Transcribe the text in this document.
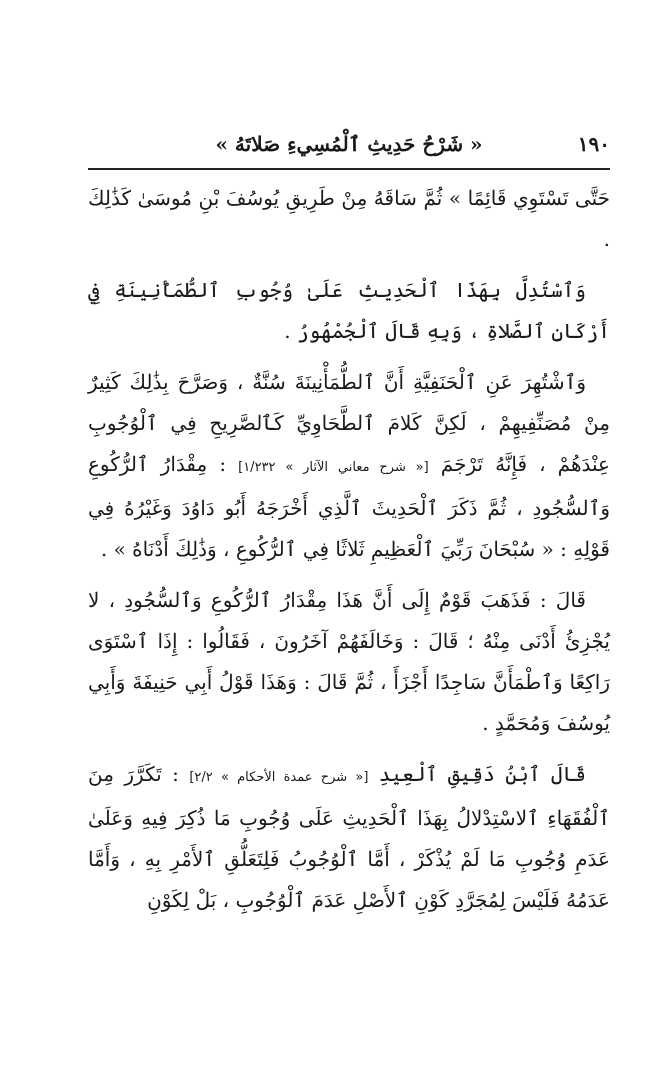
١٩٠
« شَرْحُ حَدِيثِ ٱلْمُسِيءِ صَلاتَهُ »

حَتَّى تَسْتَوِي قَائِمًا » ثُمَّ سَاقَهُ مِنْ طَرِيقِ يُوسُفَ بْنِ مُوسَىٰ كَذَٰلِكَ .

وَٱسْتُدِلَّ بِهَذَا ٱلْحَدِيثِ عَلَىٰ وُجُوبِ ٱلطُّمَأْنِينَةِ فِي أَرْكَانِ ٱلصَّلاةِ ، وَبِهِ قَالَ ٱلْجُمْهُورُ .

وَٱشْتُهِرَ عَنِ ٱلْحَنَفِيَّةِ أَنَّ ٱلطُّمَأْنِينَةَ سُنَّةٌ ، وَصَرَّحَ بِذَٰلِكَ كَثِيرٌ مِنْ مُصَنِّفِيهِمْ ، لَكِنَّ كَلامَ ٱلطَّحَاوِيِّ كَٱلصَّرِيحِ فِي ٱلْوُجُوبِ عِنْدَهُمْ ، فَإِنَّهُ تَرْجَمَ [« شرح معاني الآثار » ١/٢٣٢] : مِقْدَارُ ٱلرُّكُوعِ وَٱلسُّجُودِ ، ثُمَّ ذَكَرَ ٱلْحَدِيثَ ٱلَّذِي أَخْرَجَهُ أَبُو دَاوُدَ وَغَيْرُهُ فِي قَوْلِهِ : « سُبْحَانَ رَبِّيَ ٱلْعَظِيمِ ثَلاثًا فِي ٱلرُّكُوعِ ، وَذَٰلِكَ أَدْنَاهُ » .

قَالَ : فَذَهَبَ قَوْمٌ إِلَى أَنَّ هَذَا مِقْدَارُ ٱلرُّكُوعِ وَٱلسُّجُودِ ، لا يُجْزِئُ أَدْنَى مِنْهُ ؛ قَالَ : وَخَالَفَهُمْ آخَرُونَ ، فَقَالُوا : إِذَا ٱسْتَوَى رَاكِعًا وَٱطْمَأَنَّ سَاجِدًا أَجْزَأَ ، ثُمَّ قَالَ : وَهَذَا قَوْلُ أَبِي حَنِيفَةَ وَأَبِي يُوسُفَ وَمُحَمَّدٍ .

قَالَ ٱبْنُ دَقِيقِ ٱلْعِيدِ [« شرح عمدة الأحكام » ٢/٢] : تَكَرَّرَ مِنَ ٱلْفُقَهَاءِ ٱلاسْتِدْلالُ بِهَذَا ٱلْحَدِيثِ عَلَى وُجُوبِ مَا ذُكِرَ فِيهِ وَعَلَىٰ عَدَمِ وُجُوبِ مَا لَمْ يُذْكَرْ ، أَمَّا ٱلْوُجُوبُ فَلِتَعَلُّقِ ٱلأَمْرِ بِهِ ، وَأَمَّا عَدَمُهُ فَلَيْسَ لِمُجَرَّدِ كَوْنِ ٱلأَصْلِ عَدَمَ ٱلْوُجُوبِ ، بَلْ لِكَوْنِ
